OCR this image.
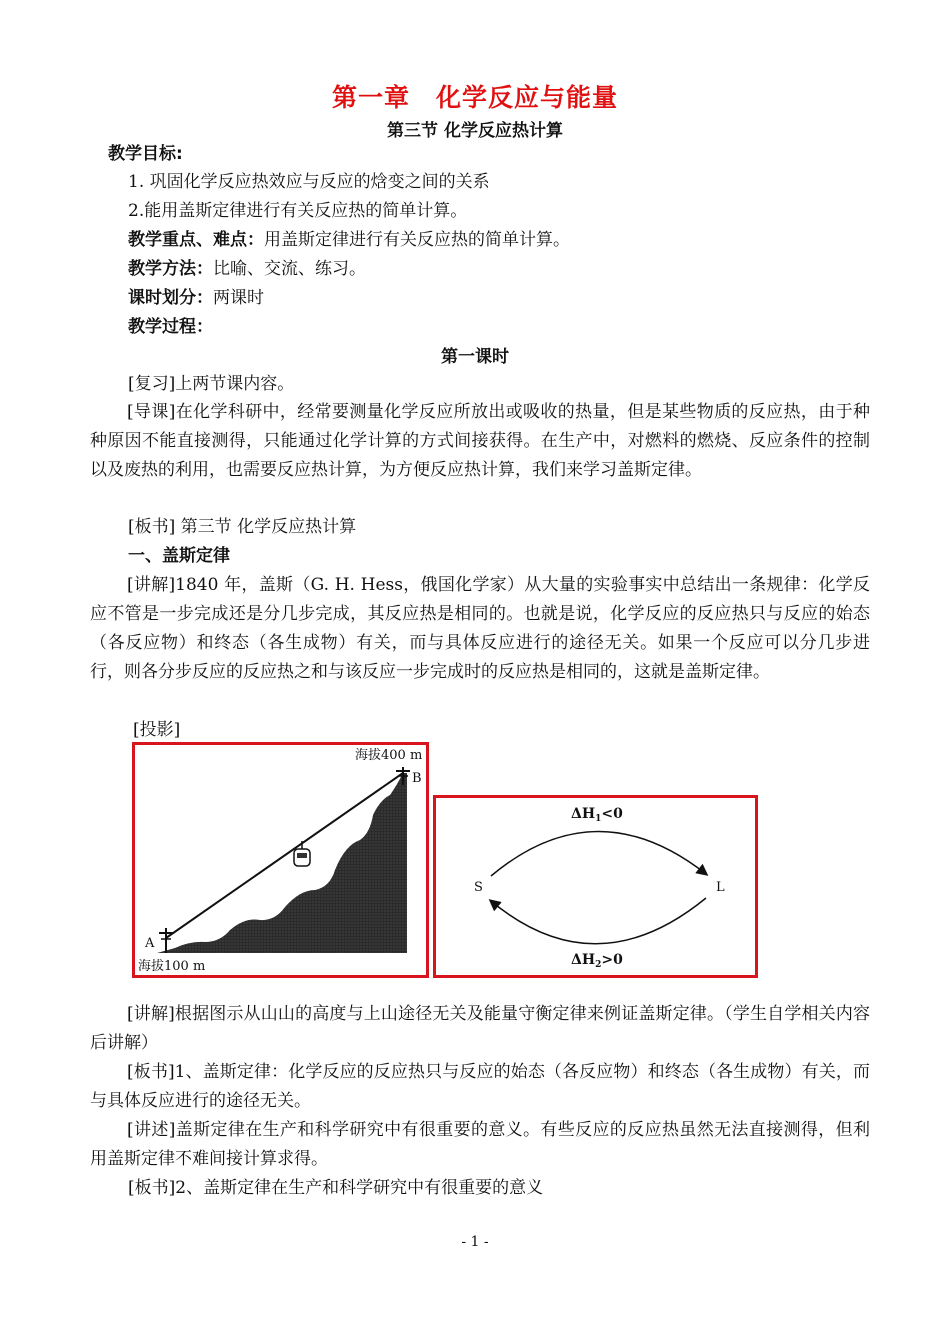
第一章　化学反应与能量
第三节 化学反应热计算
教学目标:
1. 巩固化学反应热效应与反应的焓变之间的关系
2.能用盖斯定律进行有关反应热的简单计算。
教学重点、难点：用盖斯定律进行有关反应热的简单计算。
教学方法：比喻、交流、练习。
课时划分：两课时
教学过程：
第一课时
[复习]上两节课内容。
[导课]在化学科研中，经常要测量化学反应所放出或吸收的热量，但是某些物质的反应热，由于种种原因不能直接测得，只能通过化学计算的方式间接获得。在生产中，对燃料的燃烧、反应条件的控制以及废热的利用，也需要反应热计算，为方便反应热计算，我们来学习盖斯定律。
[板书] 第三节 化学反应热计算
一、盖斯定律
[讲解]1840 年，盖斯（G. H. Hess，俄国化学家）从大量的实验事实中总结出一条规律：化学反应不管是一步完成还是分几步完成，其反应热是相同的。也就是说，化学反应的反应热只与反应的始态（各反应物）和终态（各生成物）有关，而与具体反应进行的途径无关。如果一个反应可以分几步进行，则各分步反应的反应热之和与该反应一步完成时的反应热是相同的，这就是盖斯定律。
[投影]
海拔400 m
B
A
海拔100 m
$\Delta H_1<0$
S	L
$\Delta H_2>0$
[讲解]根据图示从山山的高度与上山途径无关及能量守衡定律来例证盖斯定律。（学生自学相关内容后讲解）
[板书]1、盖斯定律：化学反应的反应热只与反应的始态（各反应物）和终态（各生成物）有关，而与具体反应进行的途径无关。
[讲述]盖斯定律在生产和科学研究中有很重要的意义。有些反应的反应热虽然无法直接测得，但利用盖斯定律不难间接计算求得。
[板书]2、盖斯定律在生产和科学研究中有很重要的意义
- 1 -
